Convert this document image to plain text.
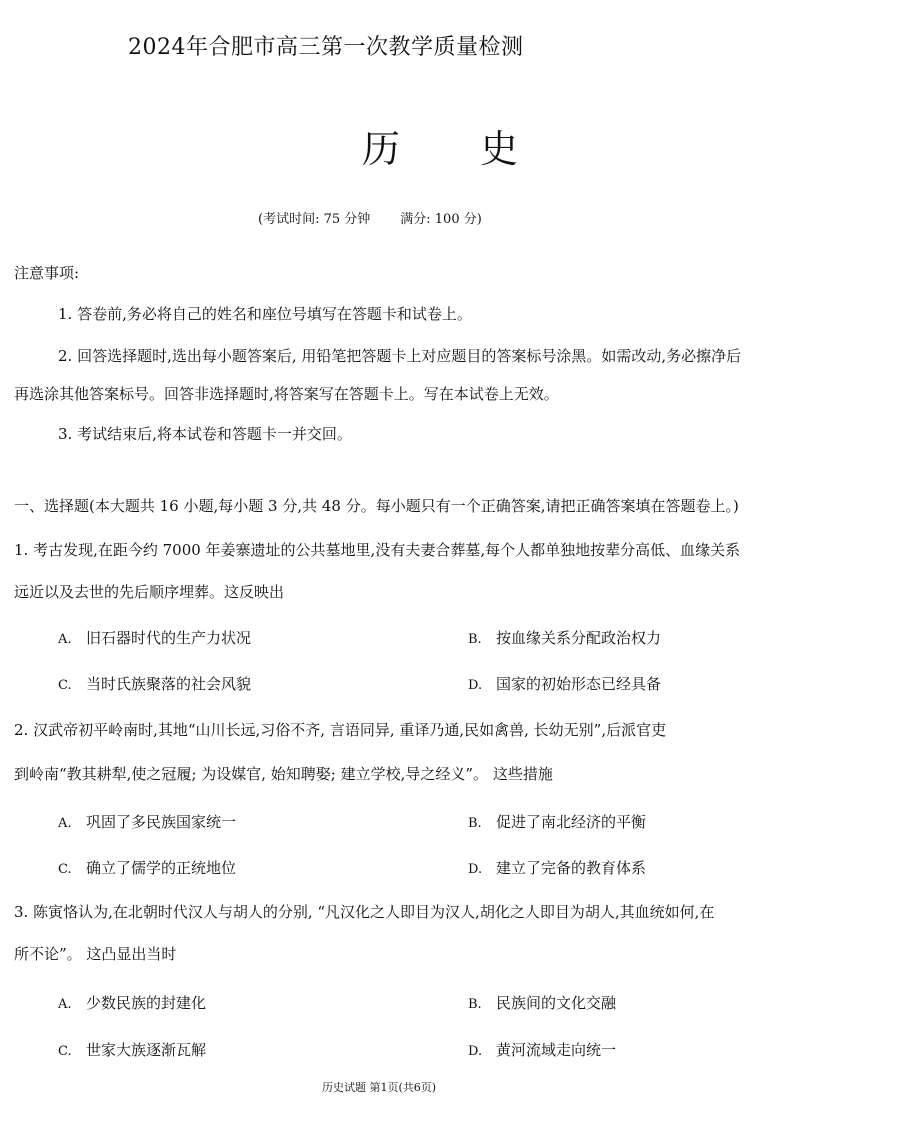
2024年合肥市高三第一次教学质量检测
历 史
(考试时间: 75 分钟 满分: 100 分)
注意事项:
1. 答卷前,务必将自己的姓名和座位号填写在答题卡和试卷上。
2. 回答选择题时,选出每小题答案后, 用铅笔把答题卡上对应题目的答案标号涂黑。如需改动,务必擦净后
再选涂其他答案标号。回答非选择题时,将答案写在答题卡上。写在本试卷上无效。
3. 考试结束后,将本试卷和答题卡一并交回。
一、选择题(本大题共 16 小题,每小题 3 分,共 48 分。每小题只有一个正确答案,请把正确答案填在答题卷上。)
1. 考古发现,在距今约 7000 年姜寨遗址的公共墓地里,没有夫妻合葬墓,每个人都单独地按辈分高低、血缘关系
远近以及去世的先后顺序埋葬。这反映出
A. 旧石器时代的生产力状况	B. 按血缘关系分配政治权力
C. 当时氏族聚落的社会风貌	D. 国家的初始形态已经具备
2. 汉武帝初平岭南时,其地“山川长远,习俗不齐, 言语同异, 重译乃通,民如禽兽, 长幼无别”,后派官吏
到岭南“教其耕犁,使之冠履; 为设媒官, 始知聘娶; 建立学校,导之经义”。 这些措施
A. 巩固了多民族国家统一	B. 促进了南北经济的平衡
C. 确立了儒学的正统地位	D. 建立了完备的教育体系
3. 陈寅恪认为,在北朝时代汉人与胡人的分别, “凡汉化之人即目为汉人,胡化之人即目为胡人,其血统如何,在
所不论”。 这凸显出当时
A. 少数民族的封建化	B. 民族间的文化交融
C. 世家大族逐渐瓦解	D. 黄河流域走向统一
历史试题 第1页(共6页)
